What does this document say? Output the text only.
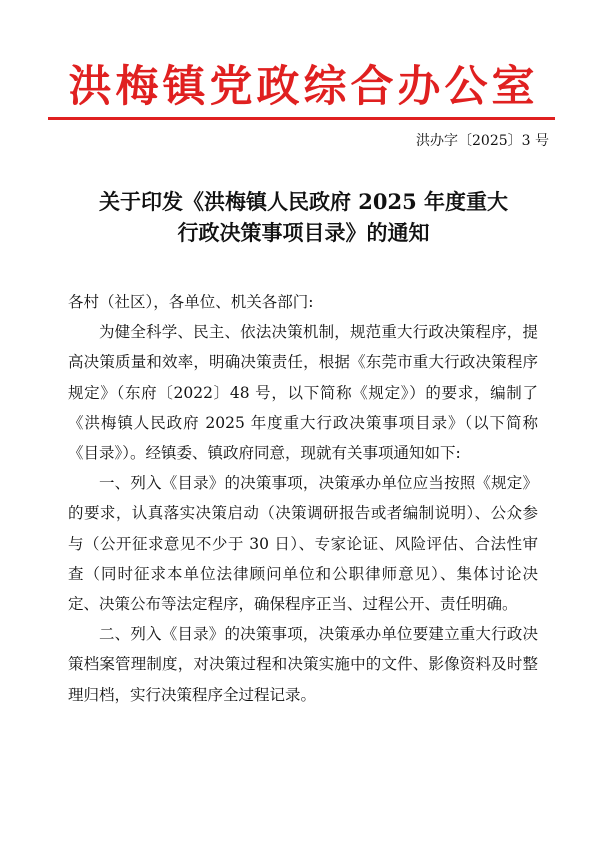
洪梅镇党政综合办公室
洪办字〔2025〕3 号
关于印发《洪梅镇人民政府 2025 年度重大
行政决策事项目录》的通知

各村（社区），各单位、机关各部门:

为健全科学、民主、依法决策机制，规范重大行政决策程序，提高决策质量和效率，明确决策责任，根据《东莞市重大行政决策程序规定》（东府〔2022〕48 号，以下简称《规定》）的要求，编制了《洪梅镇人民政府 2025 年度重大行政决策事项目录》（以下简称《目录》）。经镇委、镇政府同意，现就有关事项通知如下:

一、列入《目录》的决策事项，决策承办单位应当按照《规定》的要求，认真落实决策启动（决策调研报告或者编制说明）、公众参与（公开征求意见不少于 30 日）、专家论证、风险评估、合法性审查（同时征求本单位法律顾问单位和公职律师意见）、集体讨论决定、决策公布等法定程序，确保程序正当、过程公开、责任明确。

二、列入《目录》的决策事项，决策承办单位要建立重大行政决策档案管理制度，对决策过程和决策实施中的文件、影像资料及时整理归档，实行决策程序全过程记录。
